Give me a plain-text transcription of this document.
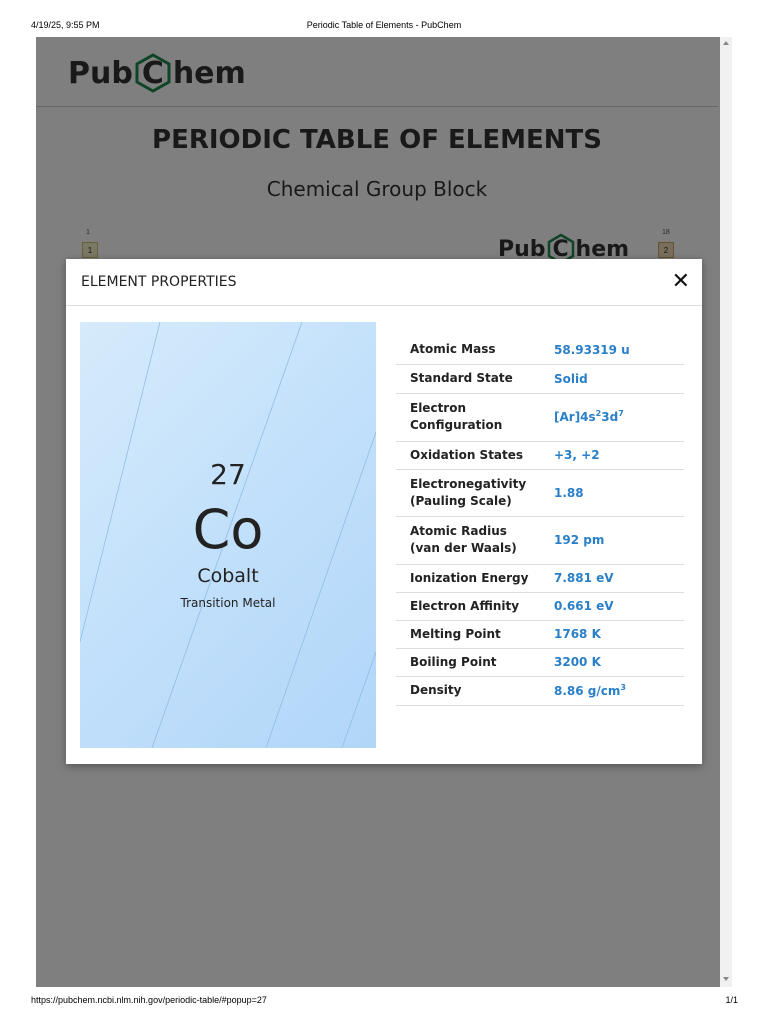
4/19/25, 9:55 PM	Periodic Table of Elements - PubChem
ELEMENT PROPERTIES	✕
27
Co
Cobalt
Transition Metal
Atomic Mass	58.93319 u
Standard State	Solid
Electron Configuration	$[Ar]4s^23d^7$
Oxidation States	+3, +2
Electronegativity (Pauling Scale)	1.88
Atomic Radius (van der Waals)	192 pm
Ionization Energy	7.881 eV
Electron Affinity	0.661 eV
Melting Point	1768 K
Boiling Point	3200 K
Density	8.86 $g/cm^3$
https://pubchem.ncbi.nlm.nih.gov/periodic-table/#popup=27	1/1
